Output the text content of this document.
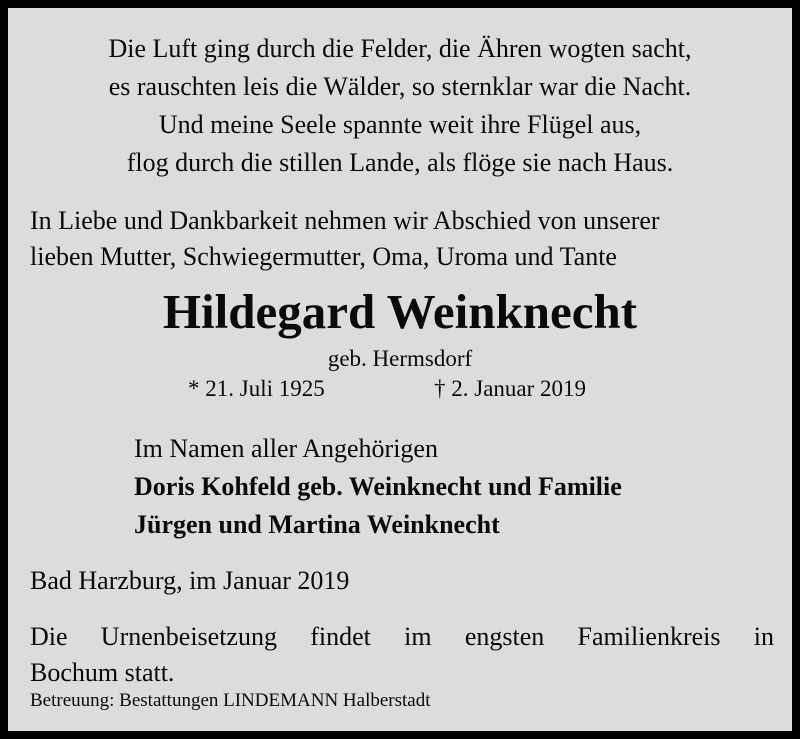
Die Luft ging durch die Felder, die Ähren wogten sacht,
es rauschten leis die Wälder, so sternklar war die Nacht.
Und meine Seele spannte weit ihre Flügel aus,
flog durch die stillen Lande, als flöge sie nach Haus.
In Liebe und Dankbarkeit nehmen wir Abschied von unserer
lieben Mutter, Schwiegermutter, Oma, Uroma und Tante
Hildegard Weinknecht
geb. Hermsdorf
* 21. Juli 1925	† 2. Januar 2019
Im Namen aller Angehörigen
Doris Kohfeld geb. Weinknecht und Familie
Jürgen und Martina Weinknecht
Bad Harzburg, im Januar 2019
Die Urnenbeisetzung findet im engsten Familienkreis in
Bochum statt.
Betreuung: Bestattungen LINDEMANN Halberstadt
